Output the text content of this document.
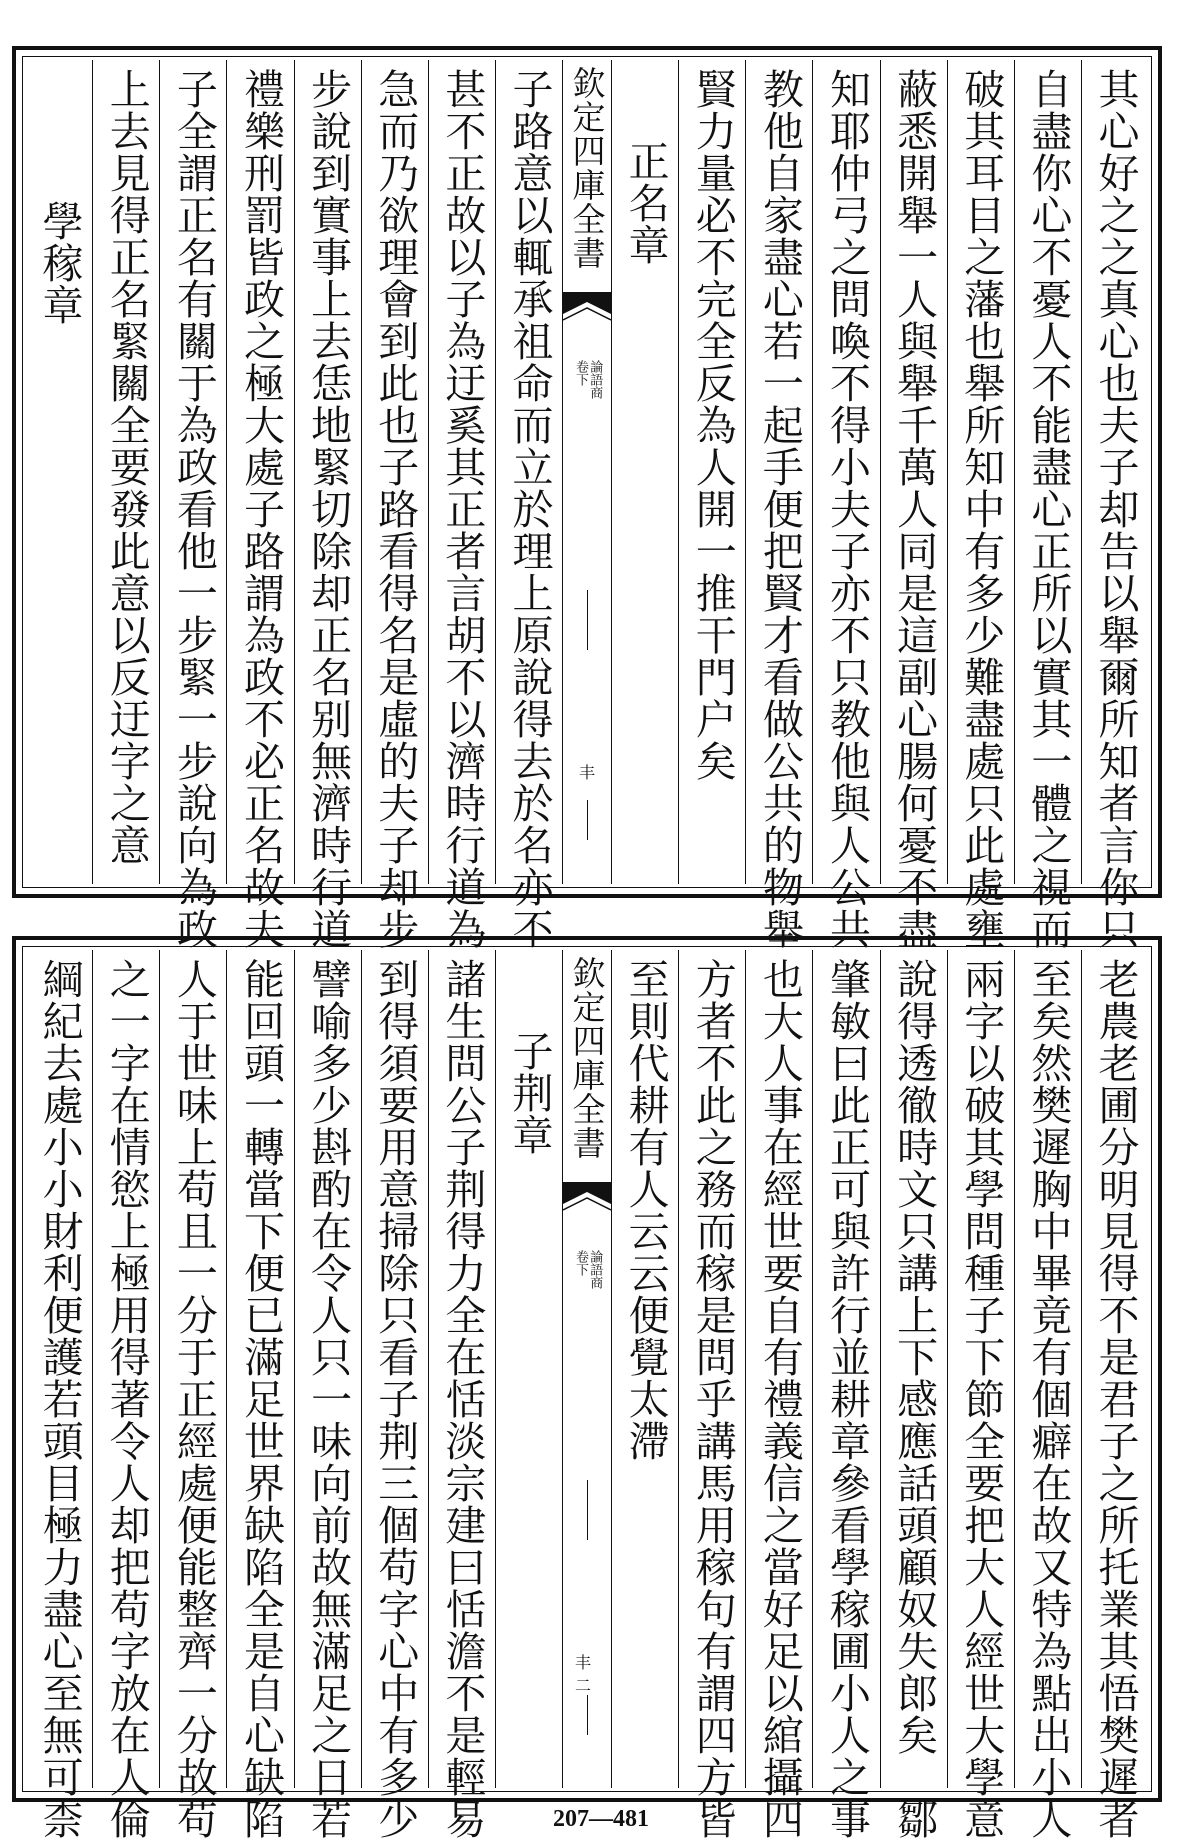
其心好之之真心也夫子却告以舉爾所知者言你只
自盡你心不憂人不能盡心正所以實其一體之視而
破其耳目之藩也舉所知中有多少難盡處只此處壅
蔽悉開舉一人與舉千萬人同是這副心腸何憂不盡
知耶仲弓之問喚不得小夫子亦不只教他與人公共
教他自家盡心若一起手便把賢才看做公共的物舉
賢力量必不完全反為人開一推干門户矣
正名章
欽定四庫全書
論語商
卷下
丰
子路意以輒承祖命而立於理上原說得去於名亦不
甚不正故以子為迂奚其正者言胡不以濟時行道為
急而乃欲理會到此也子路看得名是虛的夫子却步
步說到實事上去恁地緊切除却正名别無濟時行道
禮樂刑罰皆政之極大處子路謂為政不必正名故夫
子全謂正名有關于為政看他一步緊一步說向為政
上去見得正名緊關全要發此意以反迂字之意
學稼章
老農老圃分明見得不是君子之所托業其悟樊遲者
至矣然樊遲胸中畢竟有個癖在故又特為點出小人
兩字以破其學問種子下節全要把大人經世大學意
說得透徹時文只講上下感應話頭顧奴失郎矣　鄒
肇敏曰此正可與許行並耕章參看學稼圃小人之事
也大人事在經世要自有禮義信之當好足以綰攝四
方者不此之務而稼是問乎講馬用稼句有謂四方皆
至則代耕有人云云便覺太滯
欽定四庫全書
論語商
卷下
丰二
子荆章
諸生問公子荆得力全在恬淡宗建曰恬澹不是輕易
到得須要用意掃除只看子荆三個苟字心中有多少
譬喻多少斟酌在令人只一味向前故無滿足之日若
能回頭一轉當下便已滿足世界缺陷全是自心缺陷
人于世味上苟且一分于正經處便能整齊一分故苟
之一字在情慾上極用得著令人却把苟字放在人倫
綱紀去處小小財利便護若頭目極力盡心至無可柰	207—481
